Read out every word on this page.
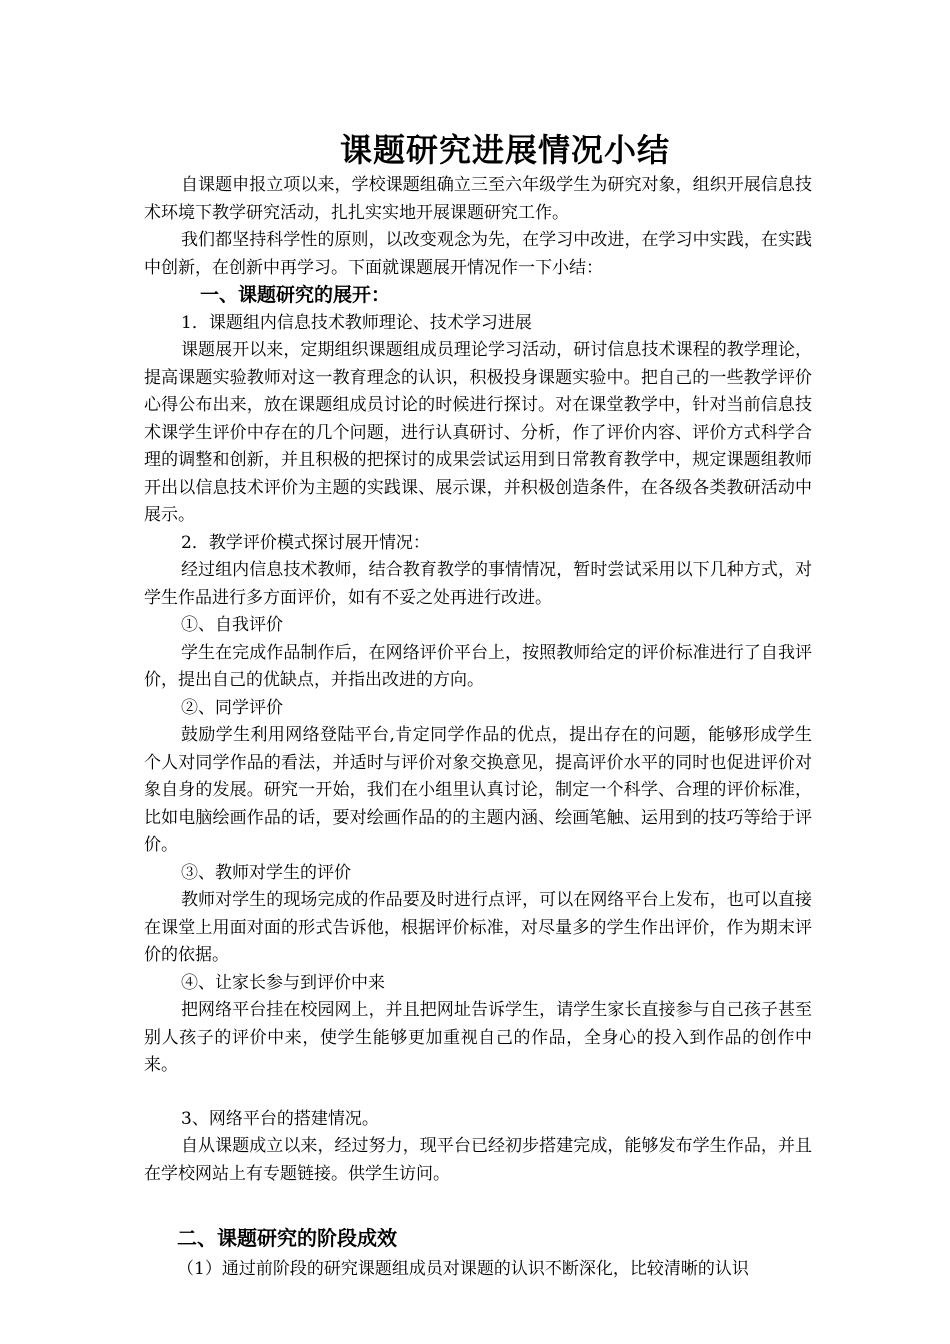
课题研究进展情况小结

自课题申报立项以来，学校课题组确立三至六年级学生为研究对象，组织开展信息技术环境下教学研究活动，扎扎实实地开展课题研究工作。

我们都坚持科学性的原则，以改变观念为先，在学习中改进，在学习中实践，在实践中创新，在创新中再学习。下面就课题展开情况作一下小结：

一、课题研究的展开：

1．课题组内信息技术教师理论、技术学习进展

课题展开以来，定期组织课题组成员理论学习活动，研讨信息技术课程的教学理论，提高课题实验教师对这一教育理念的认识，积极投身课题实验中。把自己的一些教学评价心得公布出来，放在课题组成员讨论的时候进行探讨。对在课堂教学中，针对当前信息技术课学生评价中存在的几个问题，进行认真研讨、分析，作了评价内容、评价方式科学合理的调整和创新，并且积极的把探讨的成果尝试运用到日常教育教学中，规定课题组教师开出以信息技术评价为主题的实践课、展示课，并积极创造条件，在各级各类教研活动中展示。

2．教学评价模式探讨展开情况：

经过组内信息技术教师，结合教育教学的事情情况，暂时尝试采用以下几种方式，对学生作品进行多方面评价，如有不妥之处再进行改进。

①、自我评价

学生在完成作品制作后，在网络评价平台上，按照教师给定的评价标准进行了自我评价，提出自己的优缺点，并指出改进的方向。

②、同学评价

鼓励学生利用网络登陆平台,肯定同学作品的优点，提出存在的问题，能够形成学生个人对同学作品的看法，并适时与评价对象交换意见，提高评价水平的同时也促进评价对象自身的发展。研究一开始，我们在小组里认真讨论，制定一个科学、合理的评价标准，比如电脑绘画作品的话，要对绘画作品的的主题内涵、绘画笔触、运用到的技巧等给于评价。

③、教师对学生的评价

教师对学生的现场完成的作品要及时进行点评，可以在网络平台上发布，也可以直接在课堂上用面对面的形式告诉他，根据评价标准，对尽量多的学生作出评价，作为期末评价的依据。

④、让家长参与到评价中来

把网络平台挂在校园网上，并且把网址告诉学生，请学生家长直接参与自己孩子甚至别人孩子的评价中来，使学生能够更加重视自己的作品，全身心的投入到作品的创作中来。

3、网络平台的搭建情况。

自从课题成立以来，经过努力，现平台已经初步搭建完成，能够发布学生作品，并且在学校网站上有专题链接。供学生访问。

二、课题研究的阶段成效

（1）通过前阶段的研究课题组成员对课题的认识不断深化，比较清晰的认识
